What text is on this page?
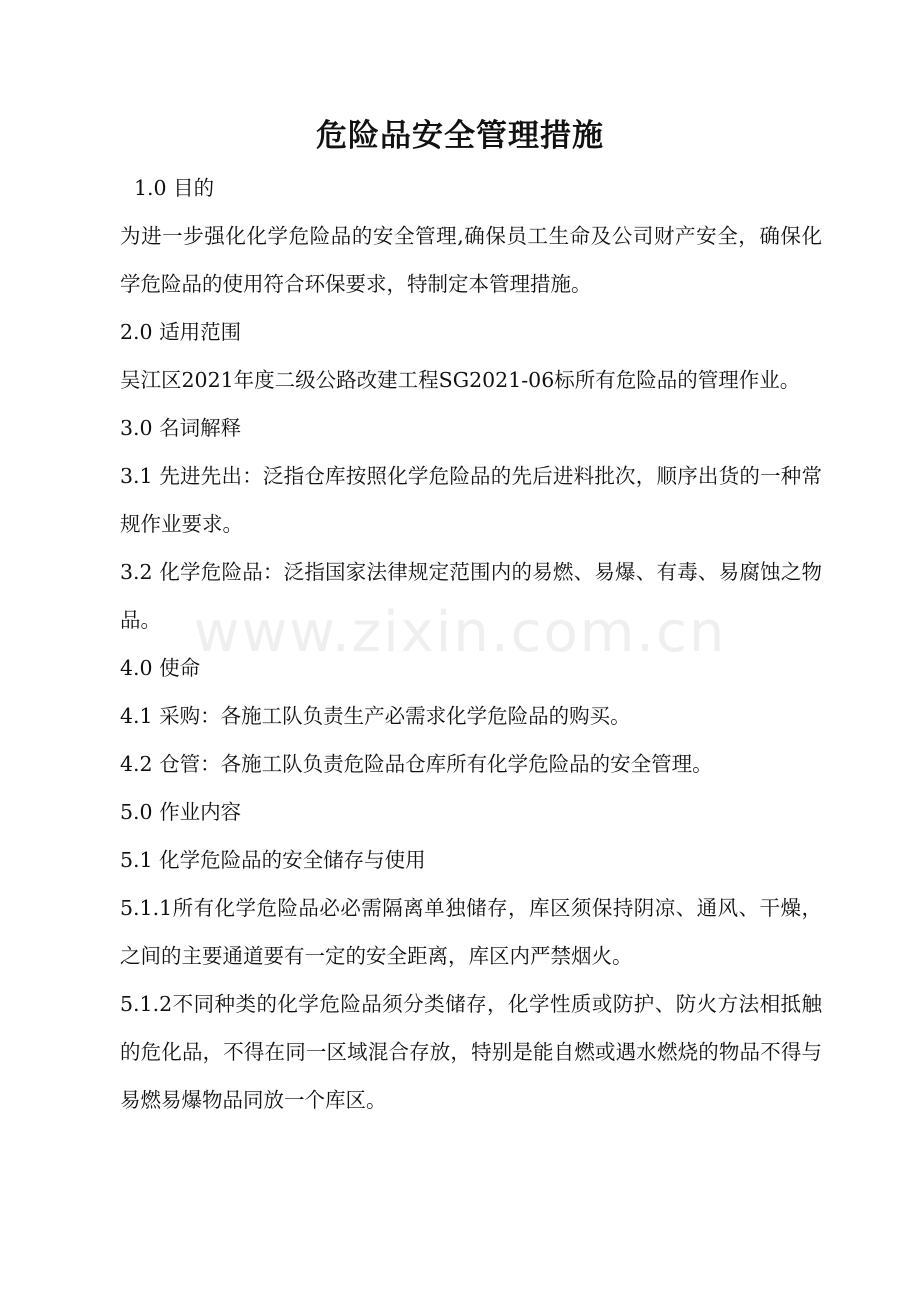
www.zixin.com.cn
危险品安全管理措施

1.0 目的

为进一步强化化学危险品的安全管理,确保员工生命及公司财产安全，确保化学危险品的使用符合环保要求，特制定本管理措施。

2.0 适用范围

吴江区2021年度二级公路改建工程SG2021-06标所有危险品的管理作业。

3.0 名词解释

3.1 先进先出：泛指仓库按照化学危险品的先后进料批次，顺序出货的一种常规作业要求。

3.2 化学危险品：泛指国家法律规定范围内的易燃、易爆、有毒、易腐蚀之物品。

4.0 使命

4.1 采购：各施工队负责生产必需求化学危险品的购买。

4.2 仓管：各施工队负责危险品仓库所有化学危险品的安全管理。

5.0 作业内容

5.1 化学危险品的安全储存与使用

5.1.1所有化学危险品必必需隔离单独储存，库区须保持阴凉、通风、干燥，之间的主要通道要有一定的安全距离，库区内严禁烟火。

5.1.2不同种类的化学危险品须分类储存，化学性质或防护、防火方法相抵触的危化品，不得在同一区域混合存放，特别是能自燃或遇水燃烧的物品不得与易燃易爆物品同放一个库区。
